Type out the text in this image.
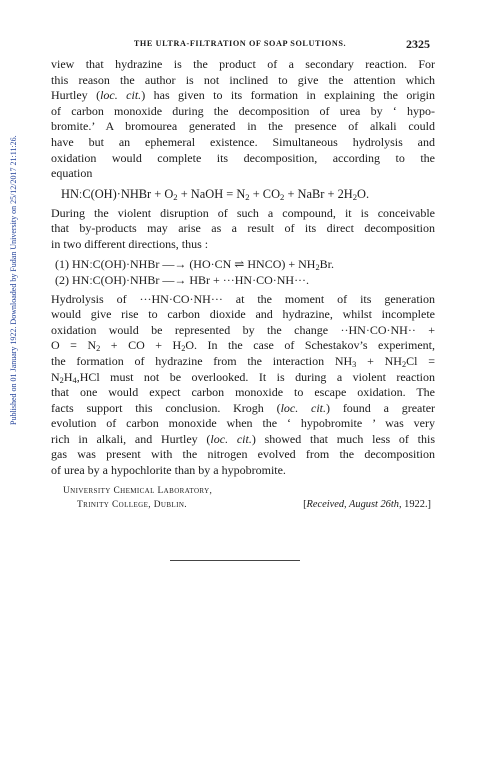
THE ULTRA-FILTRATION OF SOAP SOLUTIONS.	2325
Published on 01 January 1922. Downloaded by Fudan University on 25/12/2017 21:11:26.
view that hydrazine is the product of a secondary reaction. For
this reason the author is not inclined to give the attention which
Hurtley (loc. cit.) has given to its formation in explaining the origin
of carbon monoxide during the decomposition of urea by ‘ hypo-
bromite.’ A bromourea generated in the presence of alkali could
have but an ephemeral existence. Simultaneous hydrolysis and
oxidation would complete its decomposition, according to the
equation
HNːC(OH)·NHBr + $O_2$ + NaOH = $N_2 + CO_2$ + NaBr + $2H_2O$.
During the violent disruption of such a compound, it is conceivable
that by-products may arise as a result of its direct decomposition
in two different directions, thus :
(1) HNːC(OH)·NHBr —→ (HO·CN ⇌ HNCO) + $NH_2Br$.
(2) HNːC(OH)·NHBr —→ HBr + ···HN·CO·NH···.
Hydrolysis of ···HN·CO·NH··· at the moment of its generation
would give rise to carbon dioxide and hydrazine, whilst incomplete
oxidation would be represented by the change ··HN·CO·NH·· +
$O = N_2$ + CO + $H_2O$. In the case of Schestakov’s experiment,
the formation of hydrazine from the interaction $NH_3 + NH_2Cl$ =
$N_2H_4,HCl$ must not be overlooked. It is during a violent reaction
that one would expect carbon monoxide to escape oxidation. The
facts support this conclusion. Krogh (loc. cit.) found a greater
evolution of carbon monoxide when the ‘ hypobromite ’ was very
rich in alkali, and Hurtley (loc. cit.) showed that much less of this
gas was present with the nitrogen evolved from the decomposition
of urea by a hypochlorite than by a hypobromite.
University Chemical Laboratory,
Trinity College, Dublin.	[Received, August 26th, 1922.]
